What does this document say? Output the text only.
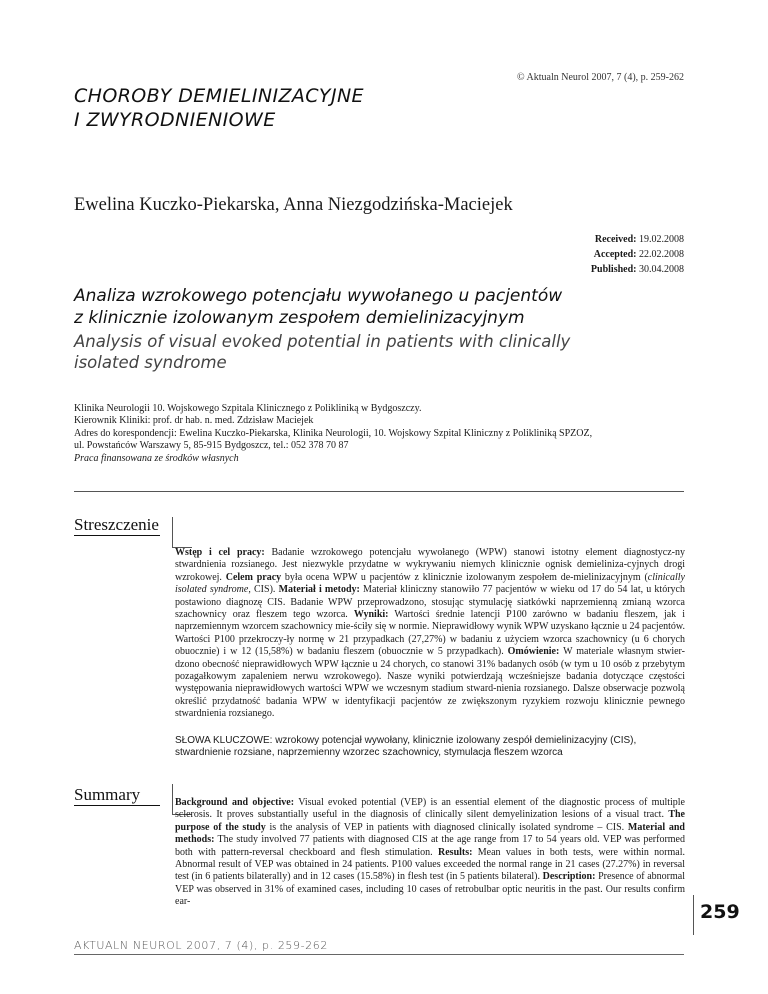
© Aktualn Neurol 2007, 7 (4), p. 259-262
CHOROBY DEMIELINIZACYJNE
I ZWYRODNIENIOWE
Ewelina Kuczko-Piekarska, Anna Niezgodzińska-Maciejek
Received: 19.02.2008
Accepted: 22.02.2008
Published: 30.04.2008
Analiza wzrokowego potencjału wywołanego u pacjentów
z klinicznie izolowanym zespołem demielinizacyjnym
Analysis of visual evoked potential in patients with clinically
isolated syndrome
Klinika Neurologii 10. Wojskowego Szpitala Klinicznego z Polikliniką w Bydgoszczy.
Kierownik Kliniki: prof. dr hab. n. med. Zdzisław Maciejek
Adres do korespondencji: Ewelina Kuczko-Piekarska, Klinika Neurologii, 10. Wojskowy Szpital Kliniczny z Polikliniką SPZOZ,
ul. Powstańców Warszawy 5, 85-915 Bydgoszcz, tel.: 052 378 70 87
Praca finansowana ze środków własnych
Streszczenie
Wstęp i cel pracy: Badanie wzrokowego potencjału wywołanego (WPW) stanowi istotny element diagnostycz-ny stwardnienia rozsianego. Jest niezwykle przydatne w wykrywaniu niemych klinicznie ognisk demieliniza-cyjnych drogi wzrokowej. Celem pracy była ocena WPW u pacjentów z klinicznie izolowanym zespołem de-mielinizacyjnym (clinically isolated syndrome, CIS). Materiał i metody: Materiał kliniczny stanowiło 77 pacjentów w wieku od 17 do 54 lat, u których postawiono diagnozę CIS. Badanie WPW przeprowadzono, stosując stymulację siatkówki naprzemienną zmianą wzorca szachownicy oraz fleszem tego wzorca. Wyniki: Wartości średnie latencji P100 zarówno w badaniu fleszem, jak i naprzemiennym wzorcem szachownicy mie-ściły się w normie. Nieprawidłowy wynik WPW uzyskano łącznie u 24 pacjentów. Wartości P100 przekroczy-ły normę w 21 przypadkach (27,27%) w badaniu z użyciem wzorca szachownicy (u 6 chorych obuocznie) i w 12 (15,58%) w badaniu fleszem (obuocznie w 5 przypadkach). Omówienie: W materiale własnym stwier-dzono obecność nieprawidłowych WPW łącznie u 24 chorych, co stanowi 31% badanych osób (w tym u 10 osób z przebytym pozagałkowym zapaleniem nerwu wzrokowego). Nasze wyniki potwierdzają wcześniejsze badania dotyczące częstości występowania nieprawidłowych wartości WPW we wczesnym stadium stward-nienia rozsianego. Dalsze obserwacje pozwolą określić przydatność badania WPW w identyfikacji pacjentów ze zwiększonym ryzykiem rozwoju klinicznie pewnego stwardnienia rozsianego.
SŁOWA KLUCZOWE: wzrokowy potencjał wywołany, klinicznie izolowany zespół demielinizacyjny (CIS), stwardnienie rozsiane, naprzemienny wzorzec szachownicy, stymulacja fleszem wzorca
Summary	Background and objective: Visual evoked potential (VEP) is an essential element of the diagnostic process of multiple sclerosis. It proves substantially useful in the diagnosis of clinically silent demyelinization lesions of a visual tract. The purpose of the study is the analysis of VEP in patients with diagnosed clinically isolated syndrome – CIS. Material and methods: The study involved 77 patients with diagnosed CIS at the age range from 17 to 54 years old. VEP was performed both with pattern-reversal checkboard and flesh stimulation. Results: Mean values in both tests, were within normal. Abnormal result of VEP was obtained in 24 patients. P100 values exceeded the normal range in 21 cases (27.27%) in reversal test (in 6 patients bilaterally) and in 12 cases (15.58%) in flesh test (in 5 patients bilateral). Description: Presence of abnormal VEP was observed in 31% of examined cases, including 10 cases of retrobulbar optic neuritis in the past. Our results confirm ear-	259
AKTUALN NEUROL 2007, 7 (4), p. 259-262
